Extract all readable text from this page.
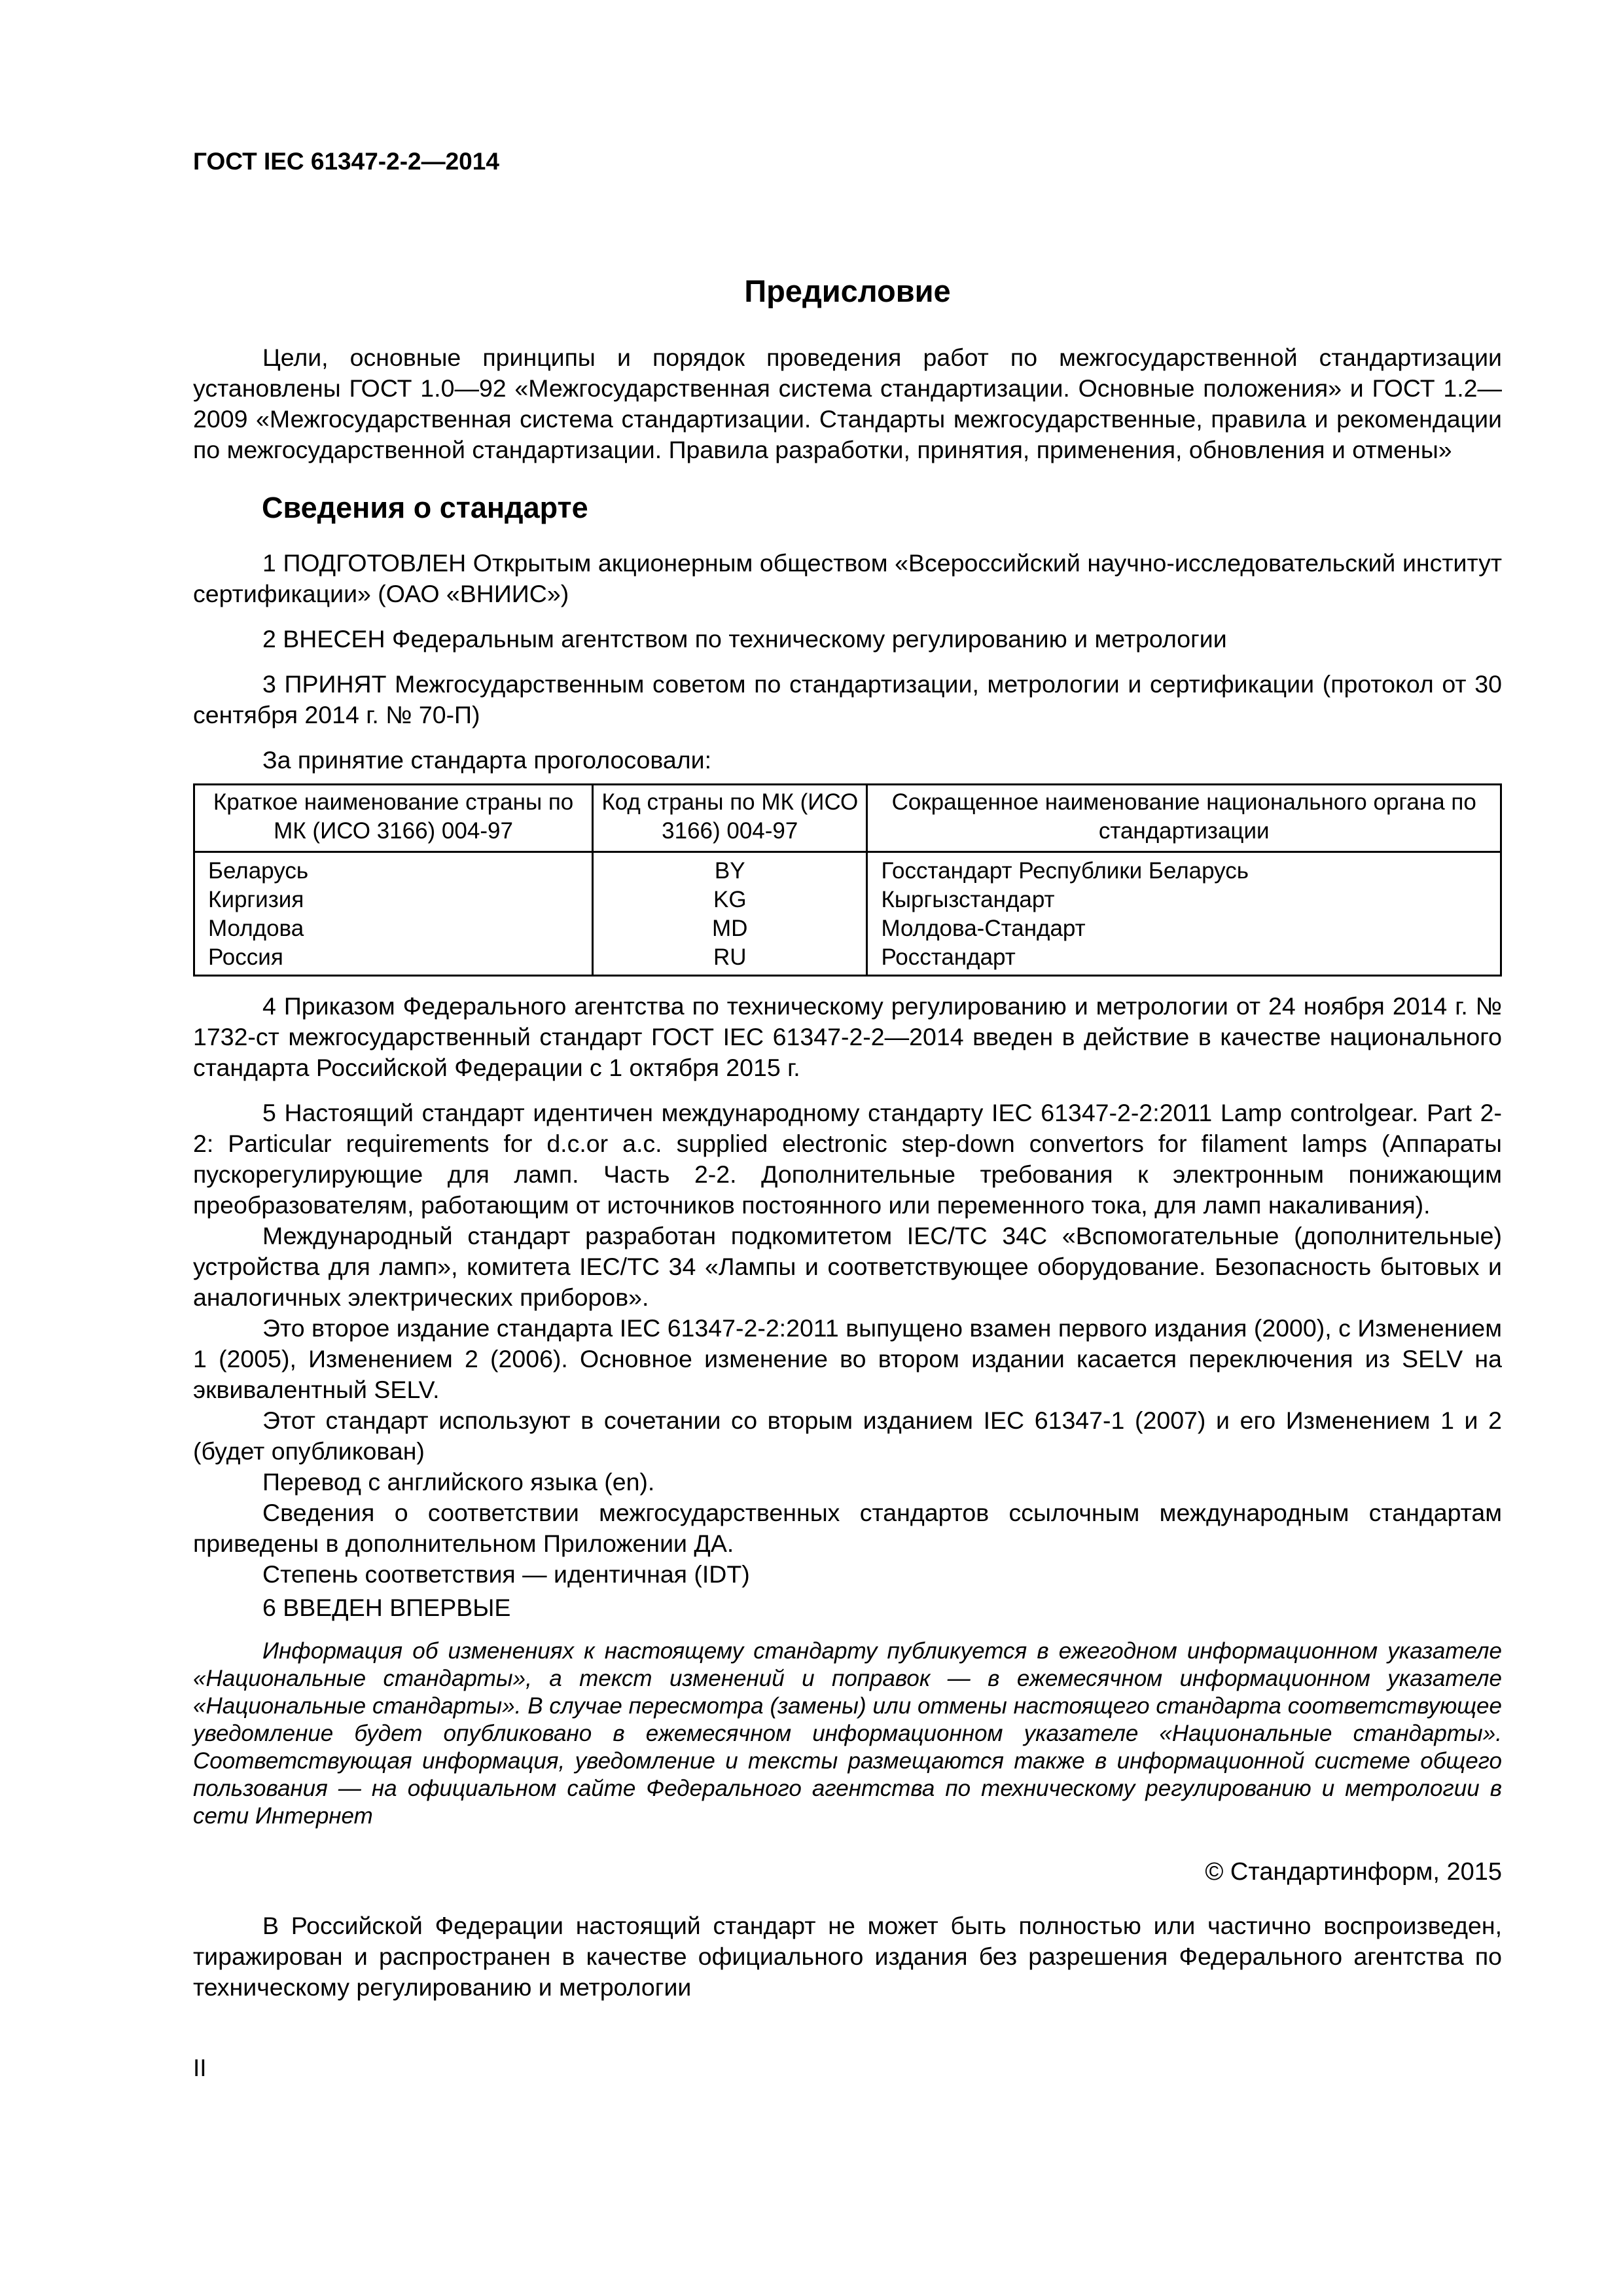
ГОСТ IEC 61347-2-2—2014
Предисловие

Цели, основные принципы и порядок проведения работ по межгосударственной стандартизации установлены ГОСТ 1.0—92 «Межгосударственная система стандартизации. Основные положения» и ГОСТ 1.2—2009 «Межгосударственная система стандартизации. Стандарты межгосударственные, правила и рекомендации по межгосударственной стандартизации. Правила разработки, принятия, применения, обновления и отмены»

Сведения о стандарте

1 ПОДГОТОВЛЕН Открытым акционерным обществом «Всероссийский научно-исследовательский институт сертификации» (ОАО «ВНИИС»)

2 ВНЕСЕН Федеральным агентством по техническому регулированию и метрологии

3 ПРИНЯТ Межгосударственным советом по стандартизации, метрологии и сертификации (протокол от 30 сентября 2014 г. № 70-П)

За принятие стандарта проголосовали:

Краткое наименование страны по МК (ИСО 3166) 004-97	Код страны по МК (ИСО 3166) 004-97	Сокращенное наименование национального органа по стандартизации
Беларусь	BY	Госстандарт Республики Беларусь
Киргизия	KG	Кыргызстандарт
Молдова	MD	Молдова-Стандарт
Россия	RU	Росстандарт

4 Приказом Федерального агентства по техническому регулированию и метрологии от 24 ноября 2014 г. № 1732-ст межгосударственный стандарт ГОСТ IEC 61347-2-2—2014 введен в действие в качестве национального стандарта Российской Федерации с 1 октября 2015 г.

5 Настоящий стандарт идентичен международному стандарту IEC 61347-2-2:2011 Lamp controlgear. Part 2-2: Particular requirements for d.c.or a.c. supplied electronic step-down convertors for filament lamps (Аппараты пускорегулирующие для ламп. Часть 2-2. Дополнительные требования к электронным понижающим преобразователям, работающим от источников постоянного или переменного тока, для ламп накаливания).

Международный стандарт разработан подкомитетом IEC/TC 34C «Вспомогательные (дополнительные) устройства для ламп», комитета IEC/TC 34 «Лампы и соответствующее оборудование. Безопасность бытовых и аналогичных электрических приборов».

Это второе издание стандарта IEC 61347-2-2:2011 выпущено взамен первого издания (2000), с Изменением 1 (2005), Изменением 2 (2006). Основное изменение во втором издании касается переключения из SELV на эквивалентный SELV.

Этот стандарт используют в сочетании со вторым изданием IEC 61347-1 (2007) и его Изменением 1 и 2 (будет опубликован)

Перевод с английского языка (en).

Сведения о соответствии межгосударственных стандартов ссылочным международным стандартам приведены в дополнительном Приложении ДА.

Степень соответствия — идентичная (IDT)

6 ВВЕДЕН ВПЕРВЫЕ

Информация об изменениях к настоящему стандарту публикуется в ежегодном информационном указателе «Национальные стандарты», а текст изменений и поправок — в ежемесячном информационном указателе «Национальные стандарты». В случае пересмотра (замены) или отмены настоящего стандарта соответствующее уведомление будет опубликовано в ежемесячном информационном указателе «Национальные стандарты». Соответствующая информация, уведомление и тексты размещаются также в информационной системе общего пользования — на официальном сайте Федерального агентства по техническому регулированию и метрологии в сети Интернет

© Стандартинформ, 2015

В Российской Федерации настоящий стандарт не может быть полностью или частично воспроизведен, тиражирован и распространен в качестве официального издания без разрешения Федерального агентства по техническому регулированию и метрологии

II
